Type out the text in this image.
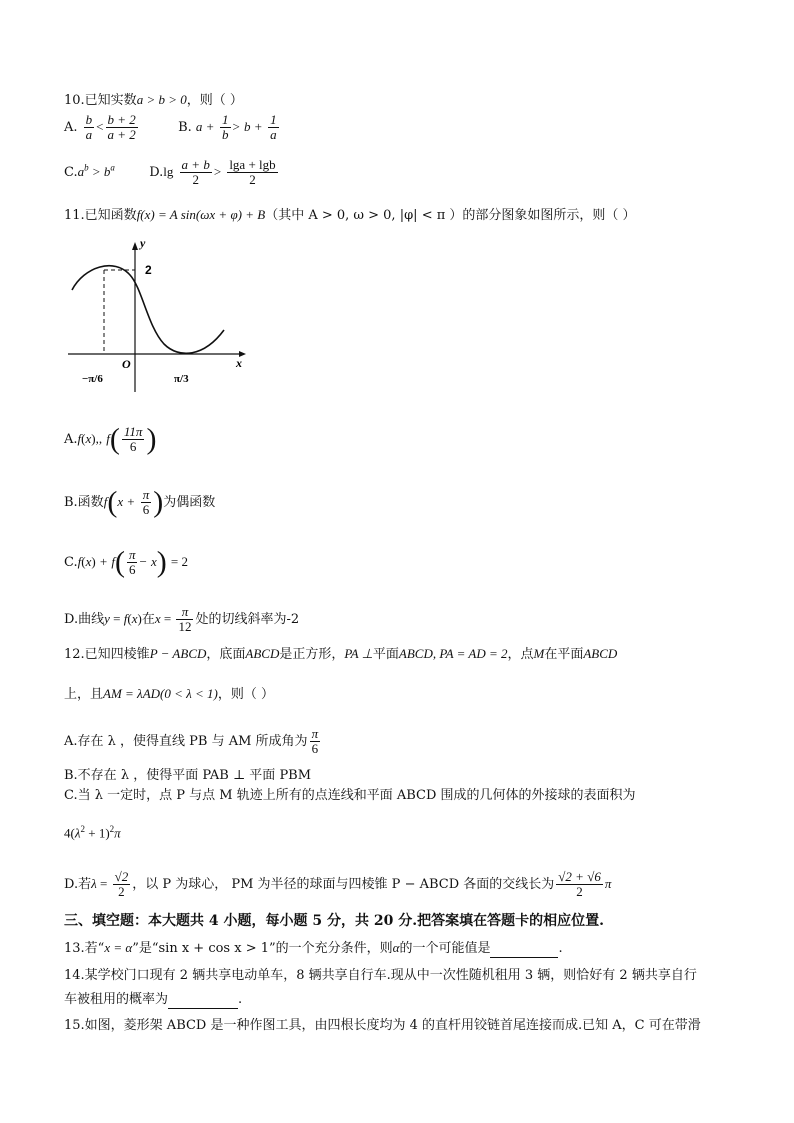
10.已知实数a > b > 0，则（ ）
A. $\frac{b}{a} < \frac{b + 2}{a + 2}$	B. $a + \frac{1}{b} > b + \frac{1}{a}$
$C.a^b > b^a$	$D.\lg \frac{a + b}{2} > \frac{\lg a + \lg b}{2}$
11.已知函数f(x) = A sin(ωx + φ) + B（其中 A > 0, ω > 0, |φ| < π ）的部分图象如图所示，则（ ）
y
x
O
2
−π/6	π/3
A.f(x),, $f( \frac{11\pi}{6}$ )
B.函数$f(x + \frac{\pi}{6}$ )为偶函数
$C.f(x) + f( \frac{\pi}{6} - x) = 2$
D.曲线y = f(x)在$x = \frac{\pi}{12}$ 处的切线斜率为-2
12.已知四棱锥P − ABCD，底面ABCD是正方形，PA ⊥平面ABCD, PA = AD = 2，点M在平面ABCD
上，且AM = λAD(0 < λ < 1)，则（ ）
A.存在 λ ，使得直线 PB 与 AM 所成角为 $\frac{\pi}{6}$
B.不存在 λ ，使得平面 PAB ⊥ 平面 PBM
C.当 λ 一定时，点 P 与点 M 轨迹上所有的点连线和平面 ABCD 围成的几何体的外接球的表面积为
$4(\lambda^2 + 1)^2\pi$
D.若$\lambda = \frac{√2}{2}$ ，以 P 为球心， PM 为半径的球面与四棱锥 P − ABCD 各面的交线长为 $\frac{√2 + √6}{2}$ π
三、填空题：本大题共 4 小题，每小题 5 分，共 20 分.把答案填在答题卡的相应位置.
13.若“x = α”是“sin x + cos x > 1”的一个充分条件，则α的一个可能值是	.
14.某学校门口现有 2 辆共享电动单车，8 辆共享自行车.现从中一次性随机租用 3 辆，则恰好有 2 辆共享自行
车被租用的概率为	.
15.如图，菱形架 ABCD 是一种作图工具，由四根长度均为 4 的直杆用铰链首尾连接而成.已知 A，C 可在带滑
